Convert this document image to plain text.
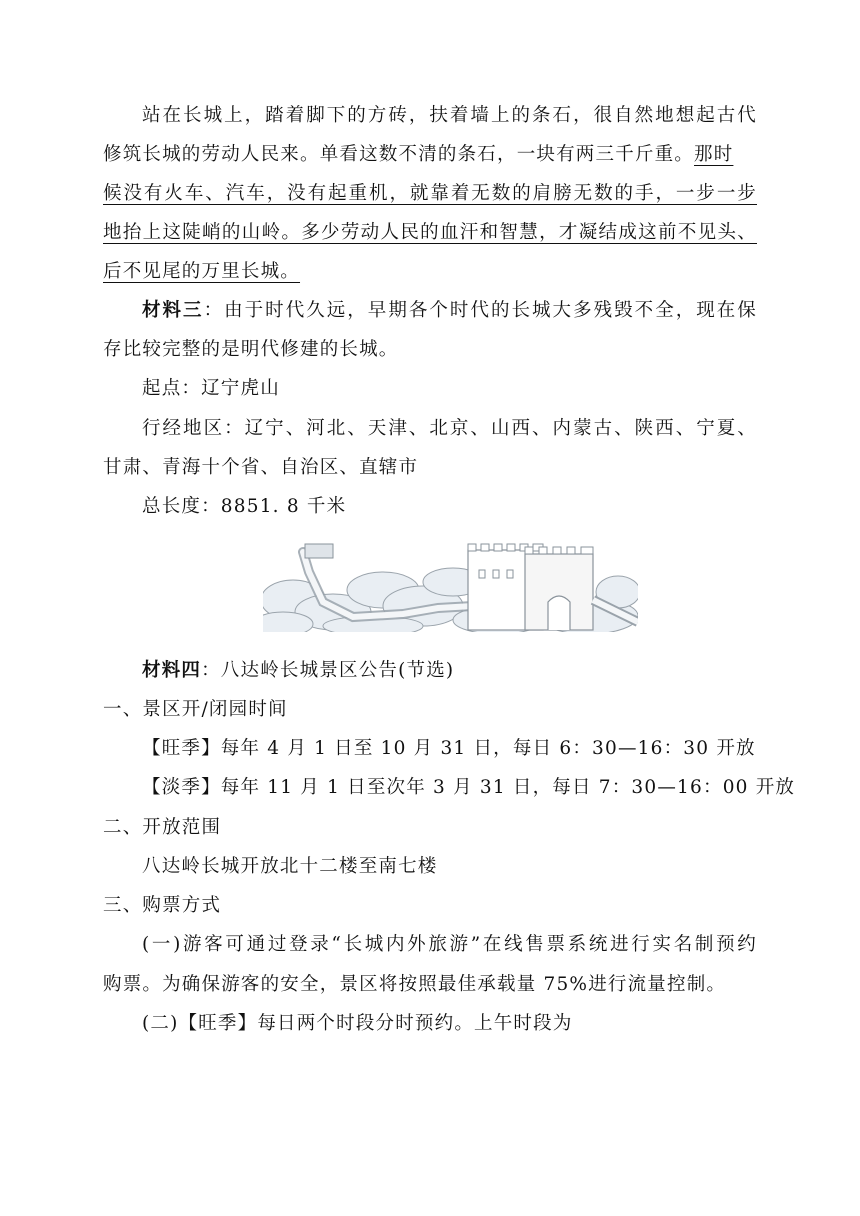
站在长城上，踏着脚下的方砖，扶着墙上的条石，很自然地想起古代
修筑长城的劳动人民来。单看这数不清的条石，一块有两三千斤重。那时
候没有火车、汽车，没有起重机，就靠着无数的肩膀无数的手，一步一步
地抬上这陡峭的山岭。多少劳动人民的血汗和智慧，才凝结成这前不见头、
后不见尾的万里长城。
材料三：由于时代久远，早期各个时代的长城大多残毁不全，现在保
存比较完整的是明代修建的长城。
起点：辽宁虎山
行经地区：辽宁、河北、天津、北京、山西、内蒙古、陕西、宁夏、
甘肃、青海十个省、自治区、直辖市
总长度：8851. 8 千米
材料四：八达岭长城景区公告(节选)
一、景区开/闭园时间
【旺季】每年 4 月 1 日至 10 月 31 日，每日 6：30—16：30 开放
【淡季】每年 11 月 1 日至次年 3 月 31 日，每日 7：30—16：00 开放
二、开放范围
八达岭长城开放北十二楼至南七楼
三、购票方式
(一)游客可通过登录“长城内外旅游”在线售票系统进行实名制预约
购票。为确保游客的安全，景区将按照最佳承载量 75%进行流量控制。
(二)【旺季】每日两个时段分时预约。上午时段为
